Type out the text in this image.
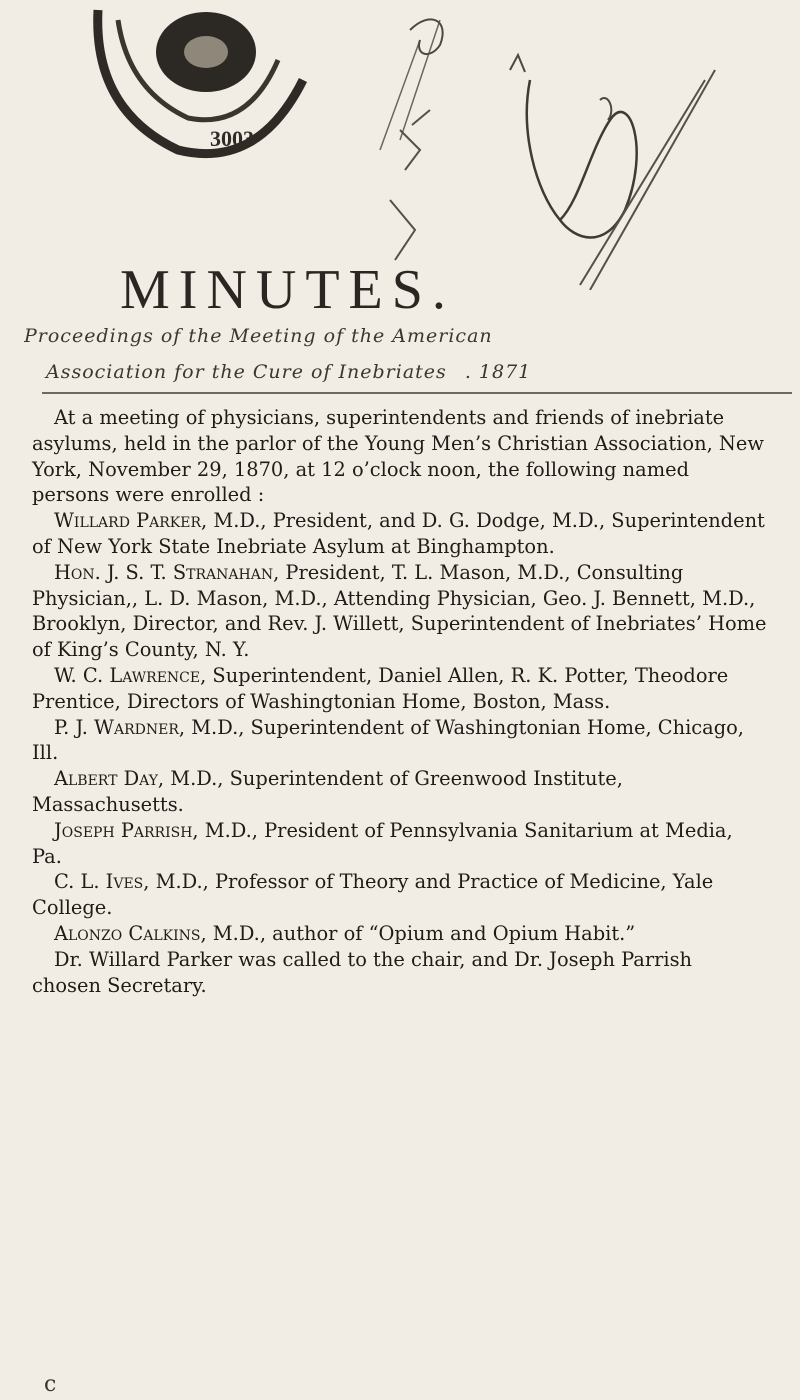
3003
MINUTES.
Proceedings of the Meeting of the American
Association for the Cure of Inebriates . 1871

At a meeting of physicians, superintendents and friends of inebriate asylums, held in the parlor of the Young Men’s Christian Association, New York, November 29, 1870, at 12 o’clock noon, the following named persons were enrolled :

Willard Parker, M.D., President, and D. G. Dodge, M.D., Superintendent of New York State Inebriate Asylum at Binghampton.

Hon. J. S. T. Stranahan, President, T. L. Mason, M.D., Consulting Physician,, L. D. Mason, M.D., Attending Physician, Geo. J. Bennett, M.D., Brooklyn, Director, and Rev. J. Willett, Superintendent of Inebriates’ Home of King’s County, N. Y.

W. C. Lawrence, Superintendent, Daniel Allen, R. K. Potter, Theodore Prentice, Directors of Washingtonian Home, Boston, Mass.

P. J. Wardner, M.D., Superintendent of Washingtonian Home, Chicago, Ill.

Albert Day, M.D., Superintendent of Greenwood Institute, Massachusetts.

Joseph Parrish, M.D., President of Pennsylvania Sanitarium at Media, Pa.

C. L. Ives, M.D., Professor of Theory and Practice of Medicine, Yale College.

Alonzo Calkins, M.D., author of “Opium and Opium Habit.”

Dr. Willard Parker was called to the chair, and Dr. Joseph Parrish chosen Secretary.

c
